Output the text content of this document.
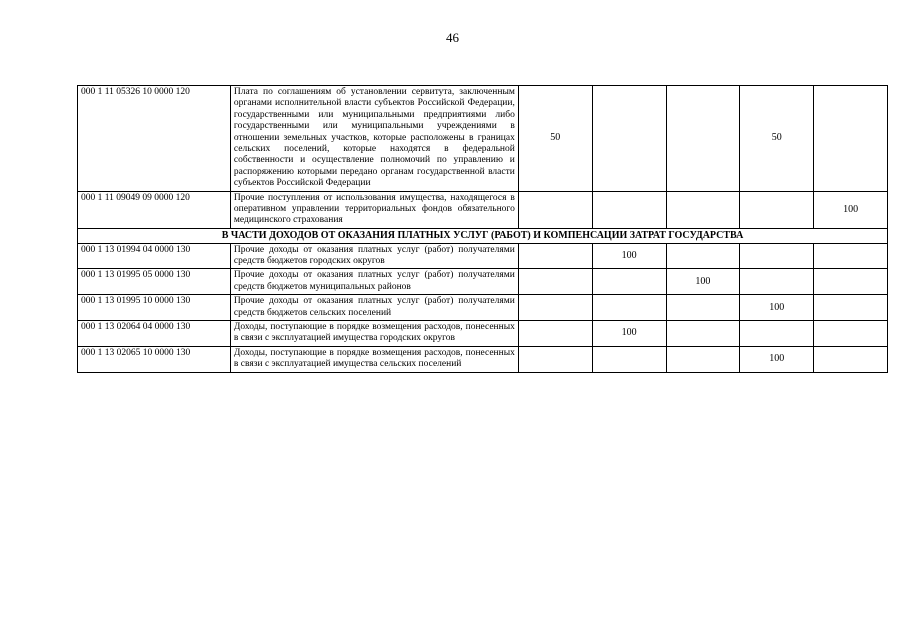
46
000 1 11 05326 10 0000 120	Плата по соглашениям об установлении сервитута, заключенным органами исполнительной власти субъектов Российской Федерации, государственными или муниципальными предприятиями либо государственными или муниципальными учреждениями в отношении земельных участков, которые расположены в границах сельских поселений, которые находятся в федеральной собственности и осуществление полномочий по управлению и распоряжению которыми передано органам государственной власти субъектов Российской Федерации	50			50	
000 1 11 09049 09 0000 120	Прочие поступления от использования имущества, находящегося в оперативном управлении территориальных фондов обязательного медицинского страхования					100
В ЧАСТИ ДОХОДОВ ОТ ОКАЗАНИЯ ПЛАТНЫХ УСЛУГ (РАБОТ) И КОМПЕНСАЦИИ ЗАТРАТ ГОСУДАРСТВА						
000 1 13 01994 04 0000 130	Прочие доходы от оказания платных услуг (работ) получателями средств бюджетов городских округов		100			
000 1 13 01995 05 0000 130	Прочие доходы от оказания платных услуг (работ) получателями средств бюджетов муниципальных районов			100		
000 1 13 01995 10 0000 130	Прочие доходы от оказания платных услуг (работ) получателями средств бюджетов сельских поселений				100	
000 1 13 02064 04 0000 130	Доходы, поступающие в порядке возмещения расходов, понесенных в связи с эксплуатацией имущества городских округов		100			
000 1 13 02065 10 0000 130	Доходы, поступающие в порядке возмещения расходов, понесенных в связи с эксплуатацией имущества сельских поселений				100	
